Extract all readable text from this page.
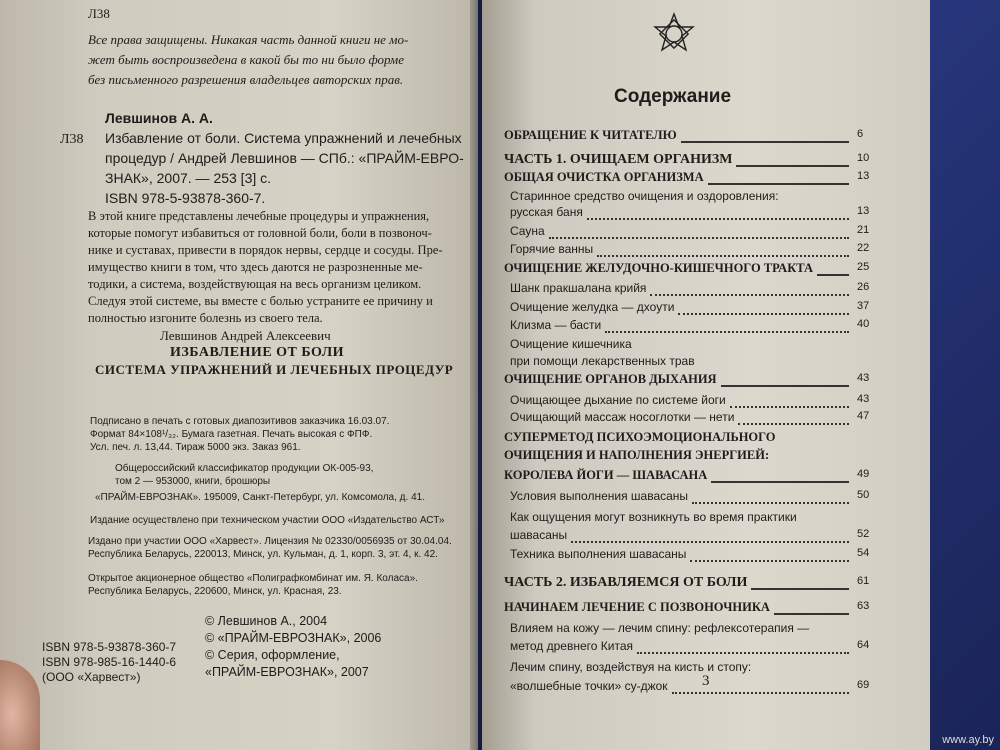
Л38
Все права защищены. Никакая часть данной книги не мо-
жет быть воспроизведена в какой бы то ни было форме
без письменного разрешения владельцев авторских прав.
Левшинов А. А.
Л38 Избавление от боли. Система упражнений и лечебных
процедур / Андрей Левшинов — СПб.: «ПРАЙМ-ЕВРО-
ЗНАК», 2007. — 253 [3] с.
ISBN 978-5-93878-360-7.
В этой книге представлены лечебные процедуры и упражнения,
которые помогут избавиться от головной боли, боли в позвоноч-
нике и суставах, привести в порядок нервы, сердце и сосуды. Пре-
имущество книги в том, что здесь даются не разрозненные ме-
тодики, а система, воздействующая на весь организм целиком.
Следуя этой системе, вы вместе с болью устраните ее причину и
полностью изгоните болезнь из своего тела.
Левшинов Андрей Алексеевич
ИЗБАВЛЕНИЕ ОТ БОЛИ
СИСТЕМА УПРАЖНЕНИЙ И ЛЕЧЕБНЫХ ПРОЦЕДУР
Подписано в печать с готовых диапозитивов заказчика 16.03.07.
Формат 84×108¹/₃₂. Бумага газетная. Печать высокая с ФПФ.
Усл. печ. л. 13,44. Тираж 5000 экз. Заказ 961.
Общероссийский классификатор продукции ОК-005-93,
том 2 — 953000, книги, брошюры
«ПРАЙМ-ЕВРОЗНАК». 195009, Санкт-Петербург, ул. Комсомола, д. 41.
Издание осуществлено при техническом участии ООО «Издательство АСТ»
Издано при участии ООО «Харвест». Лицензия № 02330/0056935 от 30.04.04.
Республика Беларусь, 220013, Минск, ул. Кульман, д. 1, корп. 3, эт. 4, к. 42.
Открытое акционерное общество «Полиграфкомбинат им. Я. Коласа».
Республика Беларусь, 220600, Минск, ул. Красная, 23.
ISBN 978-5-93878-360-7
ISBN 978-985-16-1440-6
(ООО «Харвест»)
© Левшинов А., 2004
© «ПРАЙМ-ЕВРОЗНАК», 2006
© Серия, оформление,
«ПРАЙМ-ЕВРОЗНАК», 2007
Содержание
ОБРАЩЕНИЕ К ЧИТАТЕЛЮ	6
ЧАСТЬ 1. ОЧИЩАЕМ ОРГАНИЗМ	10
ОБЩАЯ ОЧИСТКА ОРГАНИЗМА	13
Старинное средство очищения и оздоровления:
русская баня	13
Сауна	21
Горячие ванны	22
ОЧИЩЕНИЕ ЖЕЛУДОЧНО-КИШЕЧНОГО ТРАКТА	25
Шанк пракшалана крийя	26
Очищение желудка — дхоути	37
Клизма — басти	40
Очищение кишечника
при помощи лекарственных трав
ОЧИЩЕНИЕ ОРГАНОВ ДЫХАНИЯ	43
Очищающее дыхание по системе йоги	43
Очищающий массаж носоглотки — нети	47
СУПЕРМЕТОД ПСИХОЭМОЦИОНАЛЬНОГО
ОЧИЩЕНИЯ И НАПОЛНЕНИЯ ЭНЕРГИЕЙ:
КОРОЛЕВА ЙОГИ — ШАВАСАНА	49
Условия выполнения шавасаны	50
Как ощущения могут возникнуть во время практики
шавасаны	52
Техника выполнения шавасаны	54
ЧАСТЬ 2. ИЗБАВЛЯЕМСЯ ОТ БОЛИ	61
НАЧИНАЕМ ЛЕЧЕНИЕ С ПОЗВОНОЧНИКА	63
Влияем на кожу — лечим спину: рефлексотерапия —
метод древнего Китая	64
Лечим спину, воздействуя на кисть и стопу:
«волшебные точки» су-джок	69
3
www.ay.by
